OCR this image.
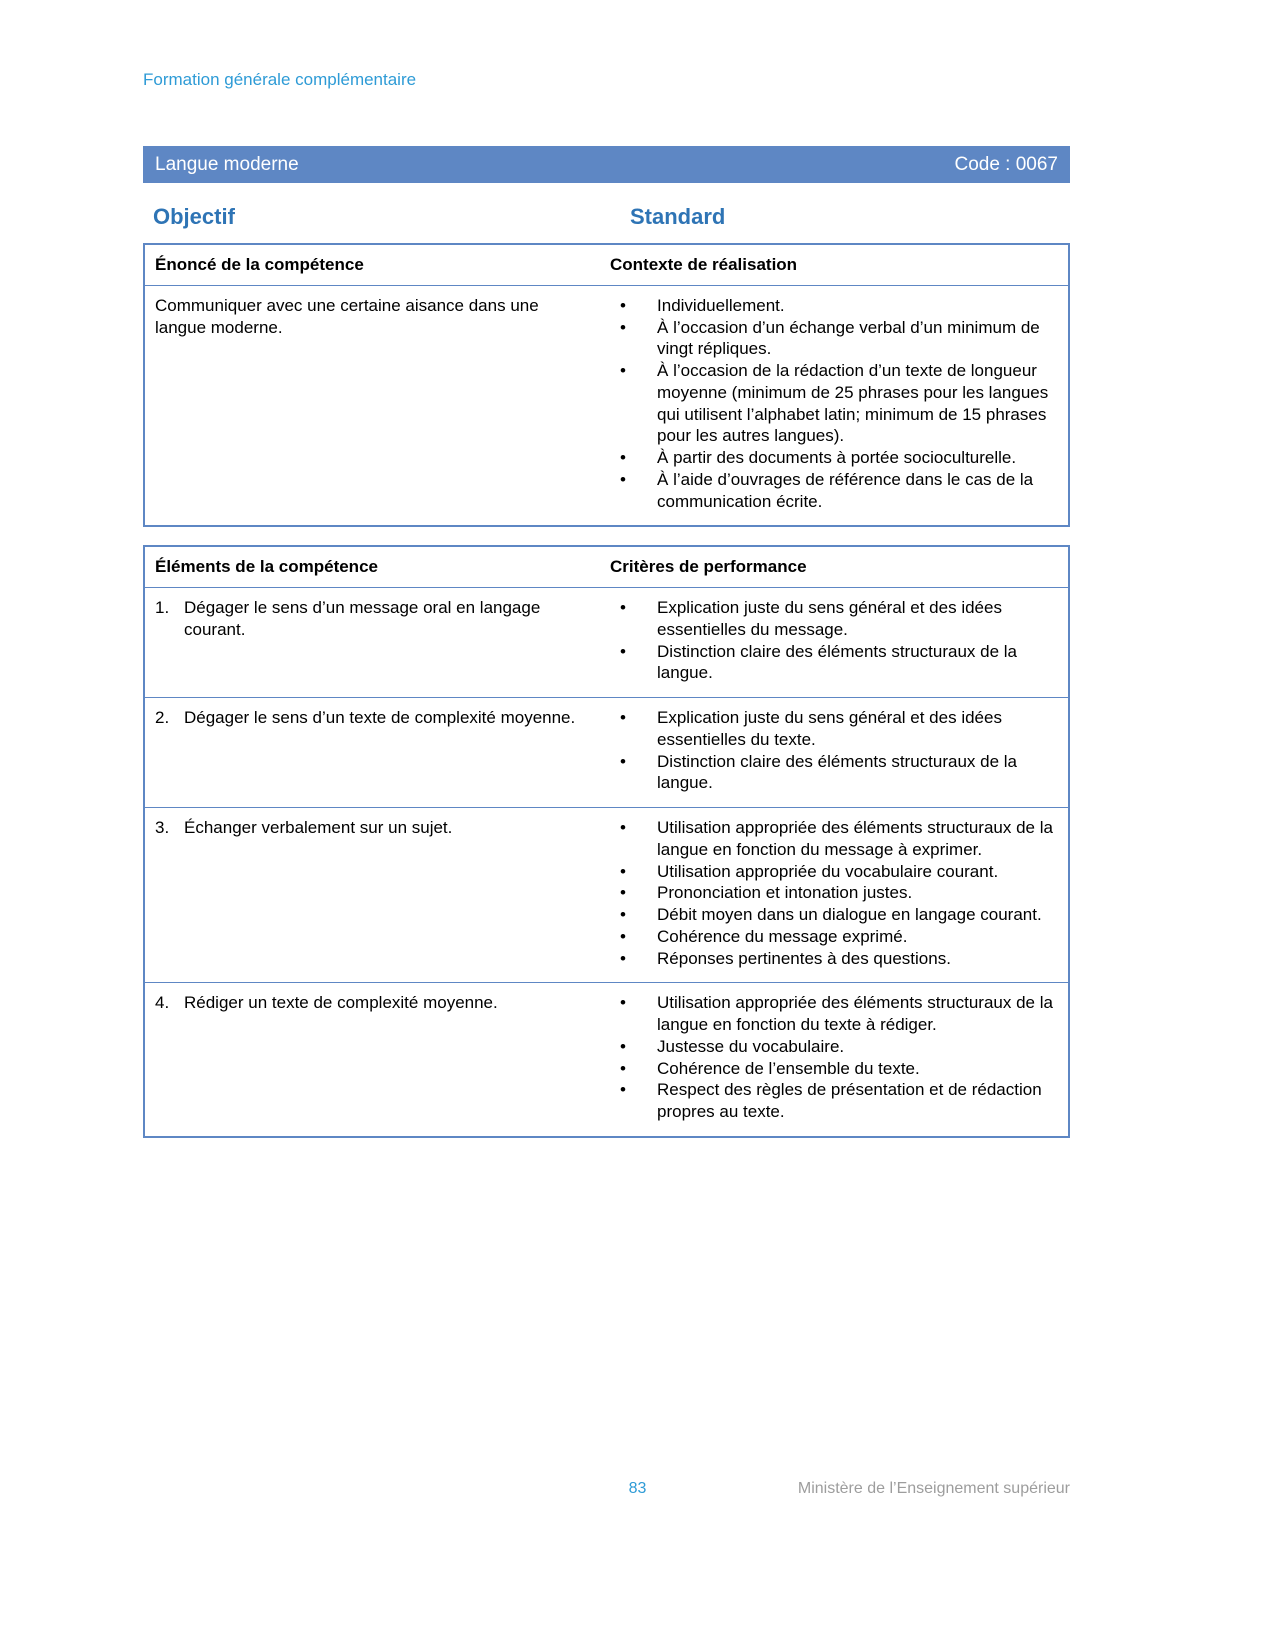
Formation générale complémentaire
Langue moderne	Code : 0067
Objectif	Standard
Énoncé de la compétence	Contexte de réalisation
Communiquer avec une certaine aisance dans une langue moderne.	
• Individuellement.
• À l’occasion d’un échange verbal d’un minimum de vingt répliques.
• À l’occasion de la rédaction d’un texte de longueur moyenne (minimum de 25 phrases pour les langues qui utilisent l’alphabet latin; minimum de 15 phrases pour les autres langues).
• À partir des documents à portée socioculturelle.
• À l’aide d’ouvrages de référence dans le cas de la communication écrite.
Éléments de la compétence	Critères de performance

1. Dégager le sens d’un message oral en langage courant.

• Explication juste du sens général et des idées essentielles du message.
• Distinction claire des éléments structuraux de la langue.

2. Dégager le sens d’un texte de complexité moyenne.

•Explication juste du sens général et des idées essentielles du texte.
• Distinction claire des éléments structuraux de la langue.

3. Échanger verbalement sur un sujet.

•Utilisation appropriée des éléments structuraux de la langue en fonction du message à exprimer.
• Utilisation appropriée du vocabulaire courant.
• Prononciation et intonation justes.
• Débit moyen dans un dialogue en langage courant.
• Cohérence du message exprimé.
• Réponses pertinentes à des questions.

4. Rédiger un texte de complexité moyenne.

•Utilisation appropriée des éléments structuraux de la langue en fonction du texte à rédiger.
• Justesse du vocabulaire.
• Cohérence de l’ensemble du texte.
• Respect des règles de présentation et de rédaction propres au texte.
83	Ministère de l’Enseignement supérieur
